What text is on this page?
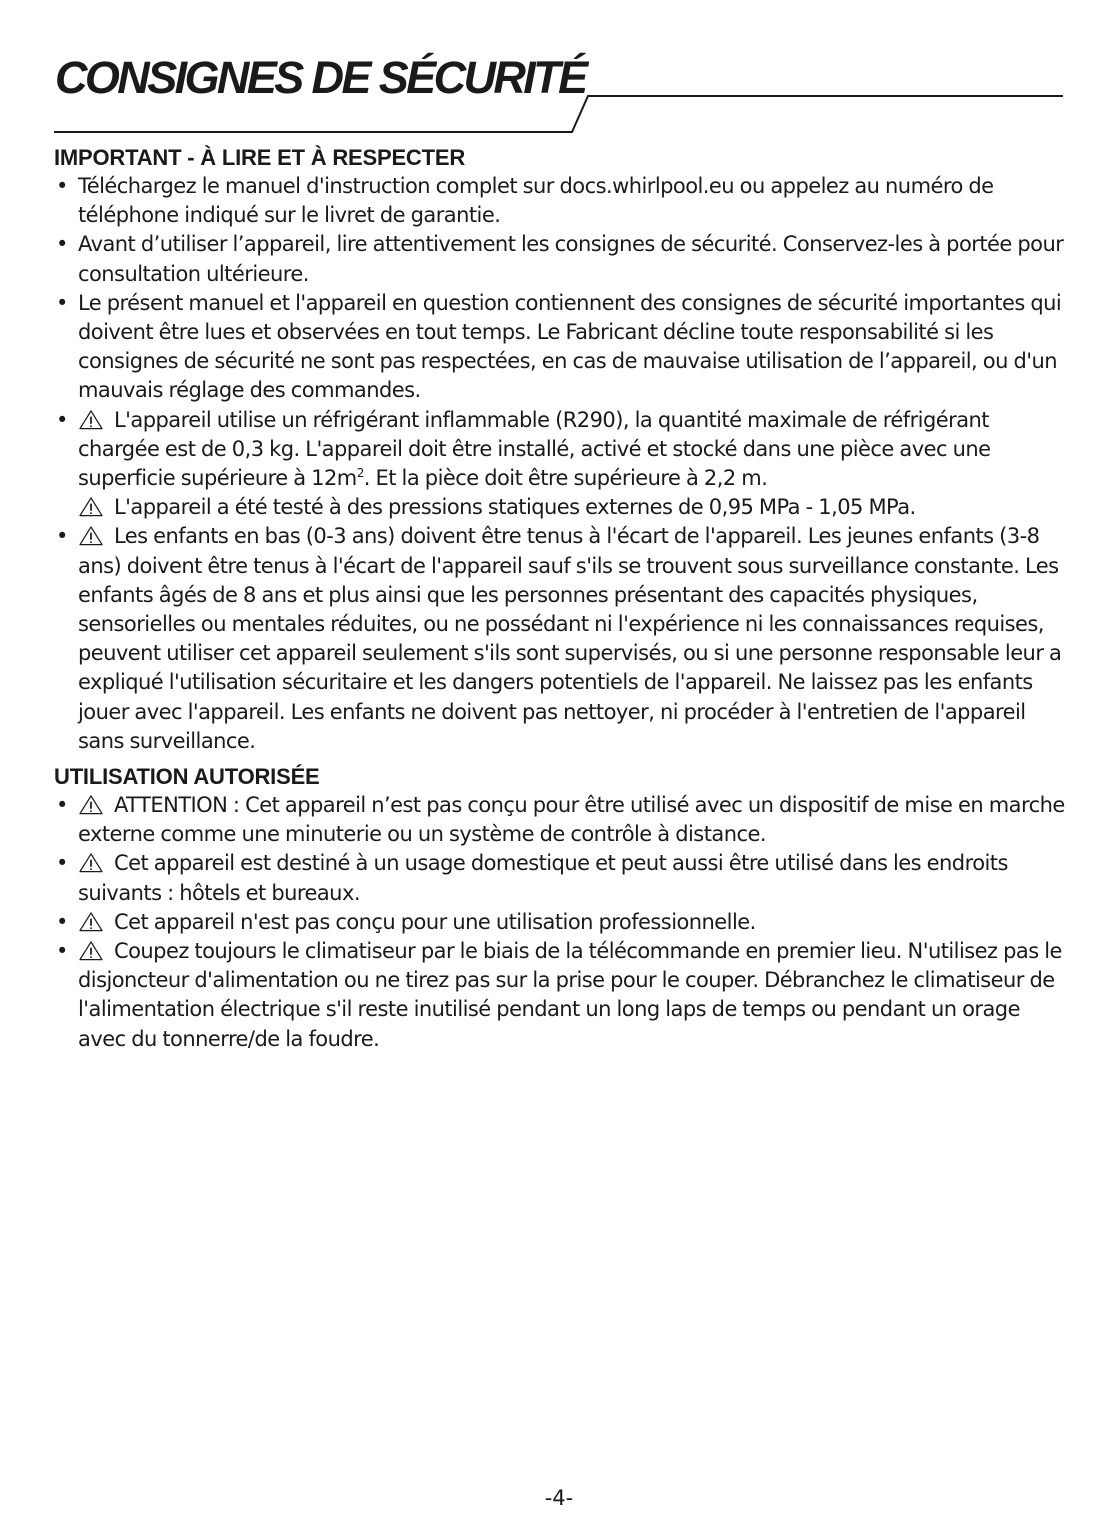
CONSIGNES DE SÉCURITÉ
IMPORTANT - À LIRE ET À RESPECTER
• Téléchargez le manuel d'instruction complet sur docs.whirlpool.eu ou appelez au numéro de téléphone indiqué sur le livret de garantie.
• Avant d’utiliser l’appareil, lire attentivement les consignes de sécurité. Conservez-les à portée pour consultation ultérieure.
• Le présent manuel et l'appareil en question contiennent des consignes de sécurité importantes qui doivent être lues et observées en tout temps. Le Fabricant décline toute responsabilité si les consignes de sécurité ne sont pas respectées, en cas de mauvaise utilisation de l’appareil, ou d'un mauvais réglage des commandes.
• L'appareil utilise un réfrigérant inflammable (R290), la quantité maximale de réfrigérant chargée est de 0,3 kg. L'appareil doit être installé, activé et stocké dans une pièce avec une superficie supérieure à $12m^2$. Et la pièce doit être supérieure à 2,2 m.
L'appareil a été testé à des pressions statiques externes de 0,95 MPa - 1,05 MPa.
• Les enfants en bas (0-3 ans) doivent être tenus à l'écart de l'appareil. Les jeunes enfants (3-8 ans) doivent être tenus à l'écart de l'appareil sauf s'ils se trouvent sous surveillance constante. Les enfants âgés de 8 ans et plus ainsi que les personnes présentant des capacités physiques, sensorielles ou mentales réduites, ou ne possédant ni l'expérience ni les connaissances requises, peuvent utiliser cet appareil seulement s'ils sont supervisés, ou si une personne responsable leur a expliqué l'utilisation sécuritaire et les dangers potentiels de l'appareil. Ne laissez pas les enfants jouer avec l'appareil. Les enfants ne doivent pas nettoyer, ni procéder à l'entretien de l'appareil sans surveillance.
UTILISATION AUTORISÉE
• ATTENTION : Cet appareil n’est pas conçu pour être utilisé avec un dispositif de mise en marche externe comme une minuterie ou un système de contrôle à distance.
• Cet appareil est destiné à un usage domestique et peut aussi être utilisé dans les endroits suivants : hôtels et bureaux.
• Cet appareil n'est pas conçu pour une utilisation professionnelle.
• Coupez toujours le climatiseur par le biais de la télécommande en premier lieu. N'utilisez pas le disjoncteur d'alimentation ou ne tirez pas sur la prise pour le couper. Débranchez le climatiseur de l'alimentation électrique s'il reste inutilisé pendant un long laps de temps ou pendant un orage avec du tonnerre/de la foudre.
-4-
